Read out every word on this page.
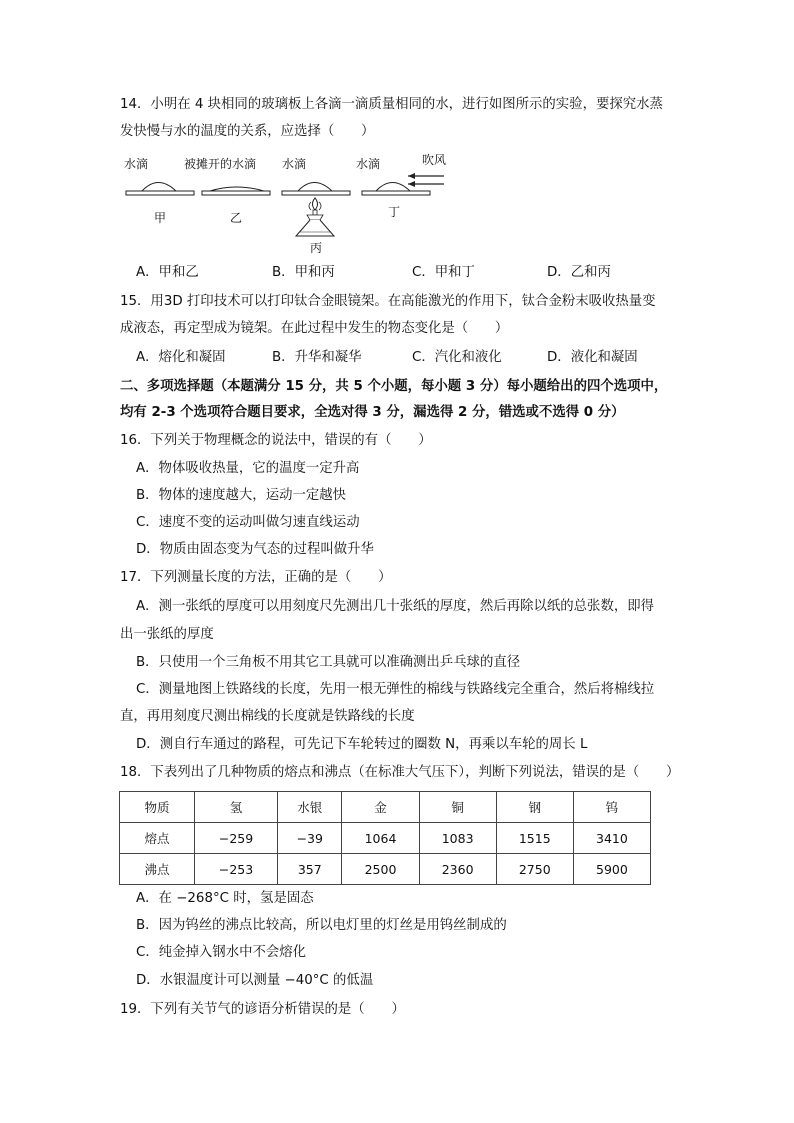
14．小明在 4 块相同的玻璃板上各滴一滴质量相同的水，进行如图所示的实验，要探究水蒸
发快慢与水的温度的关系，应选择（　　）
水滴	被摊开的水滴 水滴	水滴	吹风
丙
甲	乙	丁
A．甲和乙	B．甲和丙	C．甲和丁	D．乙和丙
15．用3D 打印技术可以打印钛合金眼镜架。在高能激光的作用下，钛合金粉末吸收热量变
成液态，再定型成为镜架。在此过程中发生的物态变化是（　　）
A．熔化和凝固	B．升华和凝华	C．汽化和液化	D．液化和凝固
二、多项选择题（本题满分 15 分，共 5 个小题，每小题 3 分）每小题给出的四个选项中，
均有 2-3 个选项符合题目要求，全选对得 3 分，漏选得 2 分，错选或不选得 0 分）
16．下列关于物理概念的说法中，错误的有（　　）
A．物体吸收热量，它的温度一定升高
B．物体的速度越大，运动一定越快
C．速度不变的运动叫做匀速直线运动
D．物质由固态变为气态的过程叫做升华
17．下列测量长度的方法，正确的是（　　）
A．测一张纸的厚度可以用刻度尺先测出几十张纸的厚度，然后再除以纸的总张数，即得
出一张纸的厚度
B．只使用一个三角板不用其它工具就可以准确测出乒乓球的直径
C．测量地图上铁路线的长度，先用一根无弹性的棉线与铁路线完全重合，然后将棉线拉
直，再用刻度尺测出棉线的长度就是铁路线的长度
D．测自行车通过的路程，可先记下车轮转过的圈数 N，再乘以车轮的周长 L
18．下表列出了几种物质的熔点和沸点（在标准大气压下），判断下列说法，错误的是（　　）
物质	氢	水银	金	铜	钢	钨
熔点	−259	−39	1064	1083	1515	3410
沸点	−253	357	2500	2360	2750	5900
A．在 −268°C 时，氢是固态
B．因为钨丝的沸点比较高，所以电灯里的灯丝是用钨丝制成的
C．纯金掉入钢水中不会熔化
D．水银温度计可以测量 −40°C 的低温
19．下列有关节气的谚语分析错误的是（　　）
